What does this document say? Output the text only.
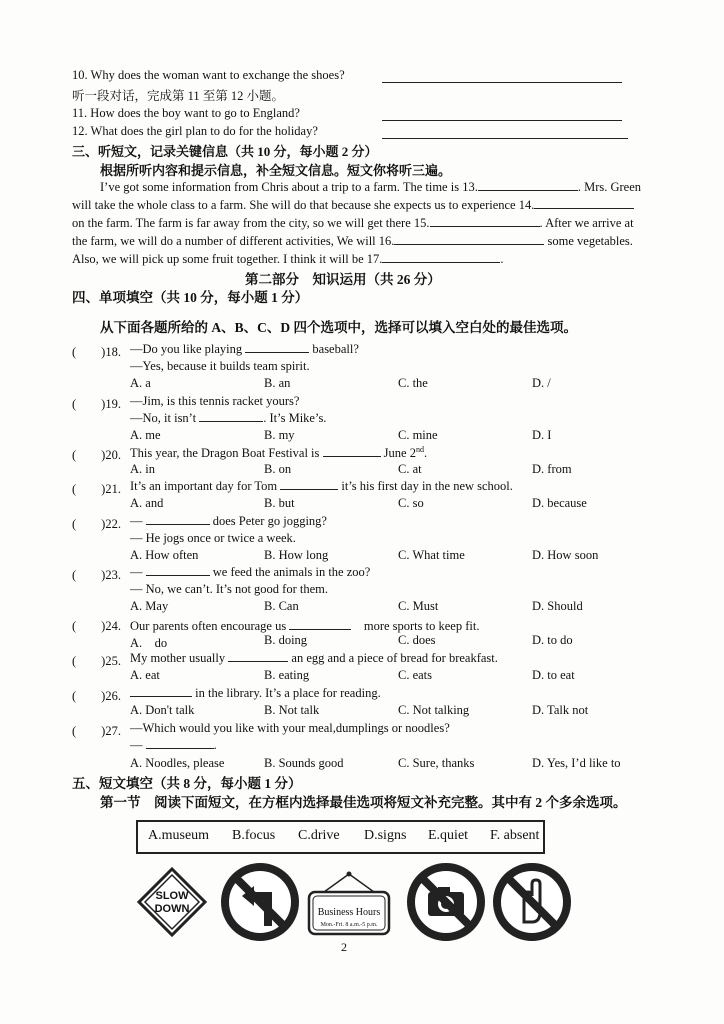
10. Why does the woman want to exchange the shoes?
听一段对话，完成第 11 至第 12 小题。
11. How does the boy want to go to England?
12. What does the girl plan to do for the holiday?
三、听短文，记录关键信息（共 10 分，每小题 2 分）
根据所听内容和提示信息，补全短文信息。短文你将听三遍。
I’ve got some information from Chris about a trip to a farm. The time is 13.	. Mrs. Green
will take the whole class to a farm. She will do that because she expects us to experience 14.
on the farm. The farm is far away from the city, so we will get there 15.	. After we arrive at
the farm, we will do a number of different activities, We will 16.	some vegetables.
Also, we will pick up some fruit together. I think it will be 17.	.
第二部分　知识运用（共 26 分）
四、单项填空（共 10 分，每小题 1 分）
从下面各题所给的 A、B、C、D 四个选项中，选择可以填入空白处的最佳选项。
(　　)18. —Do you like playing	baseball?
—Yes, because it builds team spirit.
A. a	B. an	C. the	D. /
(　　)19. —Jim, is this tennis racket yours?
—No, it isn’t	. It’s Mike’s.
A. me	B. my	C. mine	D. I
(　　)20. This year, the Dragon Boat Festival is	June 2nd.
A. in	B. on	C. at	D. from
(　　)21. It’s an important day for Tom	it’s his first day in the new school.
A. and	B. but	C. so	D. because
(　　)22. —	does Peter go jogging?
— He jogs once or twice a week.
A. How often	B. How long	C. What time	D. How soon
(　　)23. —	we feed the animals in the zoo?
— No, we can’t. It’s not good for them.
A. May	B. Can	C. Must	D. Should
(　　)24. Our parents often encourage us 　	more sports to keep fit.
A.　do	B. doing	C. does	D. to do
(　　)25. My mother usually	an egg and a piece of bread for breakfast.
A. eat	B. eating	C. eats	D. to eat
(　　)26.	in the library. It’s a place for reading.
A. Don't talk	B. Not talk	C. Not talking	D. Talk not
(　　)27. —Which would you like with your meal,dumplings or noodles?
—	.
A. Noodles, please	B. Sounds good	C. Sure, thanks	D. Yes, I’d like to
五、短文填空（共 8 分，每小题 1 分）
第一节　阅读下面短文，在方框内选择最佳选项将短文补充完整。其中有 2 个多余选项。
A.museum B.focus C.drive D.signs E.quiet F. absent
SLOW
DOWN	Business Hours
Mon.-Fri. 8 a.m.-5 p.m.
2
